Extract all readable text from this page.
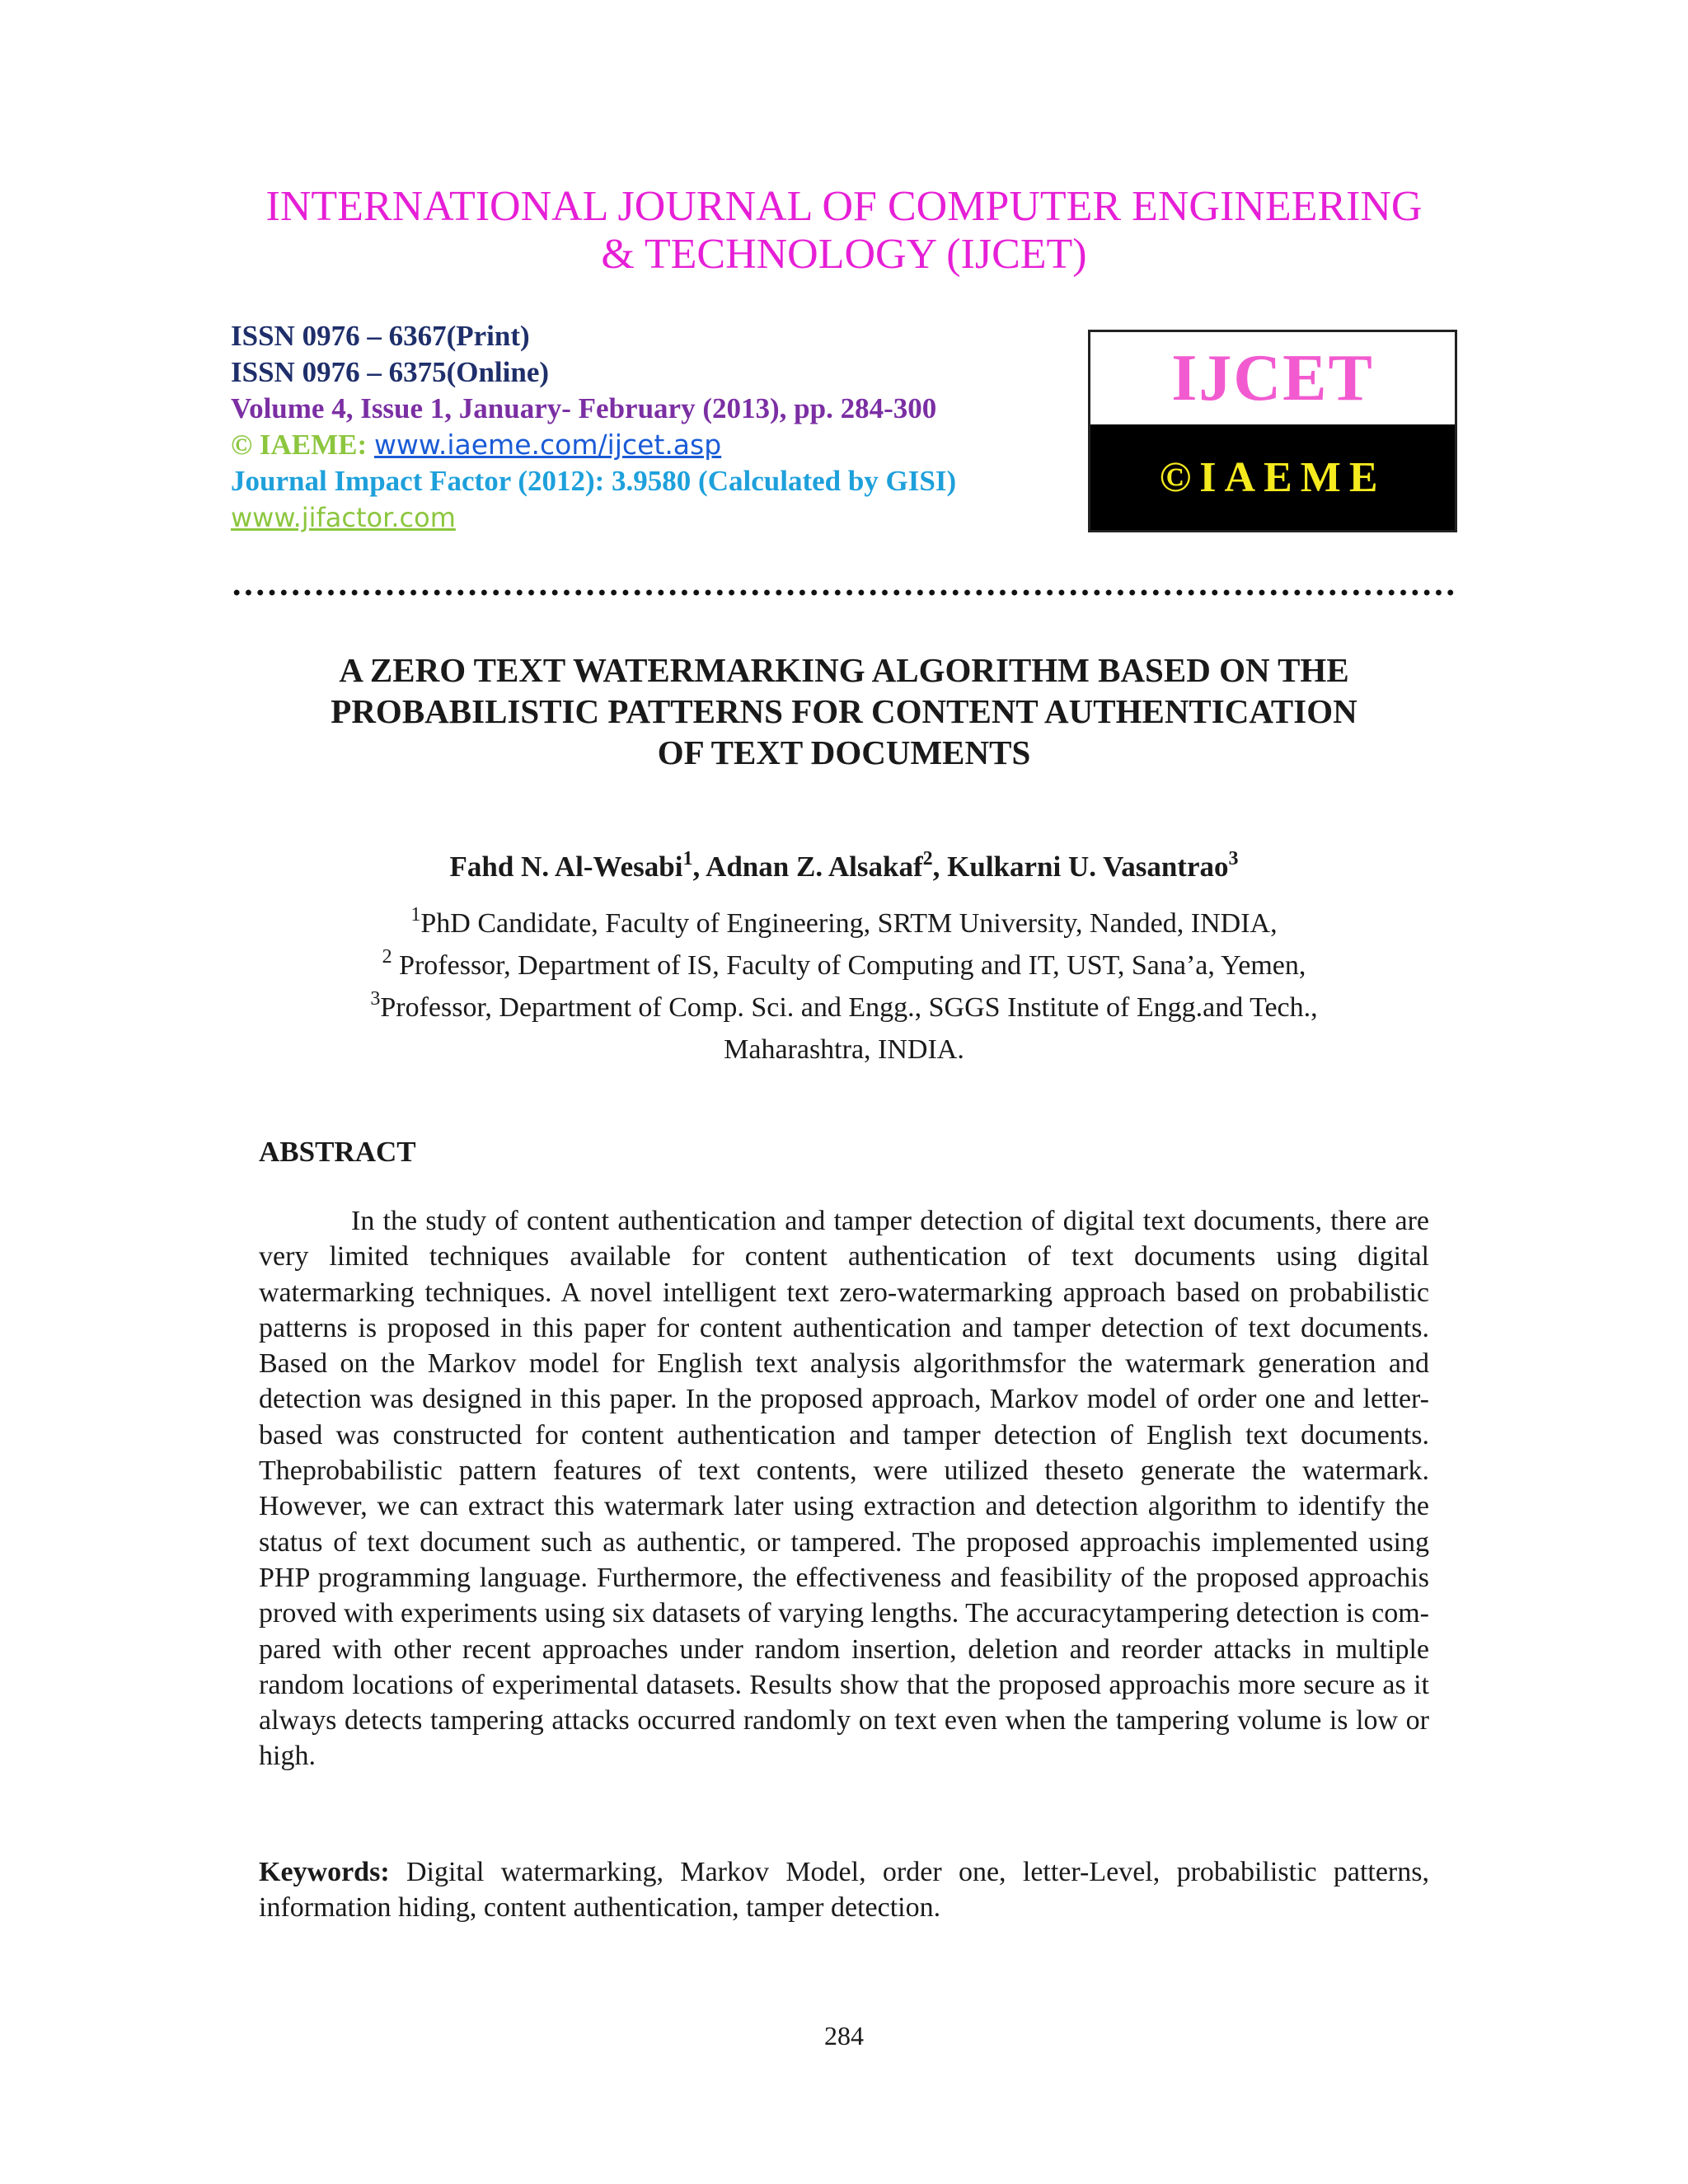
INTERNATIONAL JOURNAL OF COMPUTER ENGINEERING
& TECHNOLOGY (IJCET)
ISSN 0976 – 6367(Print)
ISSN 0976 – 6375(Online)
Volume 4, Issue 1, January- February (2013), pp. 284-300
© IAEME: www.iaeme.com/ijcet.asp
Journal Impact Factor (2012): 3.9580 (Calculated by GISI)
www.jifactor.com
IJCET
©IAEME
A ZERO TEXT WATERMARKING ALGORITHM BASED ON THE
PROBABILISTIC PATTERNS FOR CONTENT AUTHENTICATION
OF TEXT DOCUMENTS
Fahd N. Al-Wesabi$^1$, Adnan Z. Alsakaf$^2$, Kulkarni U. Vasantrao$^3$
$^1$PhD Candidate, Faculty of Engineering, SRTM University, Nanded, INDIA,
$^2$ Professor, Department of IS, Faculty of Computing and IT, UST, Sana’a, Yemen,
$^3$Professor, Department of Comp. Sci. and Engg., SGGS Institute of Engg.and Tech.,
Maharashtra, INDIA.
ABSTRACT
In the study of content authentication and tamper detection of digital text documents, there are very limited techniques available for content authentication of text documents using digital watermarking techniques. A novel intelligent text zero-watermarking approach based on probabilistic patterns is proposed in this paper for content authentication and tamper detection of text documents. Based on the Markov model for English text analysis algorithmsfor the watermark generation and detection was designed in this paper. In the proposed approach, Markov model of order one and letter-based was constructed for content authentication and tamper detection of English text documents. Theprobabilistic pattern features of text contents, were utilized theseto generate the watermark. However, we can extract this watermark later using extraction and detection algorithm to identify the status of text document such as authentic, or tampered. The proposed approachis implemented using PHP programming language. Furthermore, the effectiveness and feasibility of the proposed approachis proved with experiments using six datasets of varying lengths. The accuracytampering detection is compared with other recent approaches under random insertion, deletion and reorder attacks in multiple random locations of experimental datasets. Results show that the proposed approachis more secure as it always detects tampering attacks occurred randomly on text even when the tampering volume is low or high.
Keywords: Digital watermarking, Markov Model, order one, letter-Level, probabilistic patterns, information hiding, content authentication, tamper detection.
284
